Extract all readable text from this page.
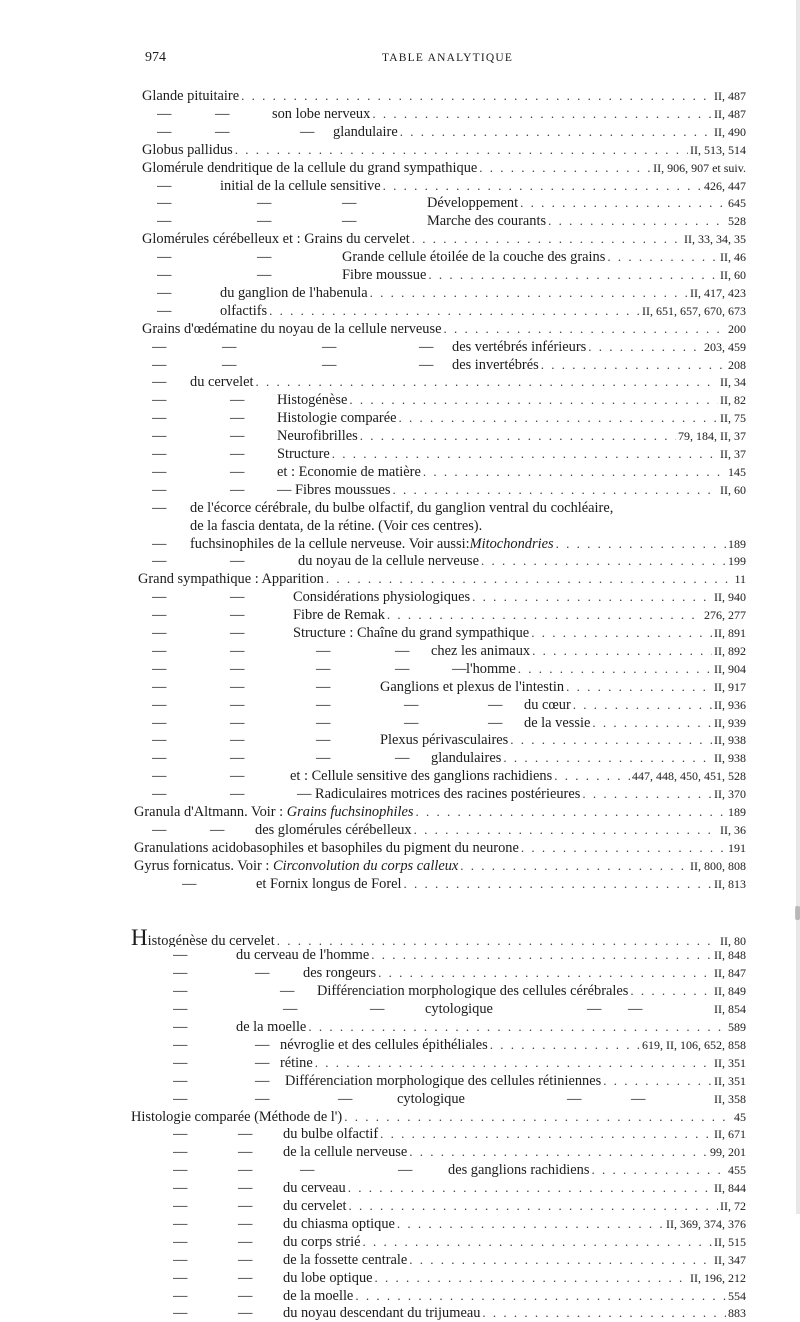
974	TABLE ANALYTIQUE
Glande pituitaire . . .	II, 487
—	—	son lobe nerveux . . .	II, 487
—	—	— glandulaire . . .	II, 490
Globus pallidus . . .	II, 513, 514
Glomérule dendritique de la cellule du grand sympathique . . .	II, 906, 907 et suiv.
—	initial de la cellule sensitive . . .	426, 447
—	—	—	Développement . . .	645
—	—	—	Marche des courants . . .	528
Glomérules cérébelleux et : Grains du cervelet . . .	II, 33, 34, 35
—	—	Grande cellule étoilée de la couche des grains . . .	II, 46
—	—	Fibre moussue . . .	II, 60
—	du ganglion de l'habenula . . .	II, 417, 423
—	olfactifs . . .	II, 651, 657, 670, 673
Grains d'œdématine du noyau de la cellule nerveuse . . .	200
—	—	—	— des vertébrés inférieurs . . .	203, 459
—	—	—	— des invertébrés . . .	208
— du cervelet . . .	II, 34
—	— Histogénèse . . .	II, 82
—	— Histologie comparée . . .	II, 75
—	— Neurofibrilles . . .	79, 184, II, 37
—	— Structure . . .	II, 37
—	— et : Economie de matière . . .	145
—	— — Fibres moussues . . .	II, 60
— de l'écorce cérébrale, du bulbe olfactif, du ganglion ventral du cochléaire,
de la fascia dentata, de la rétine. (Voir ces centres).
— fuchsinophiles de la cellule nerveuse. Voir aussi:Mitochondries . . .	189
—	—	du noyau de la cellule nerveuse . . .	199
Grand sympathique : Apparition . . .	11
—	—	Considérations physiologiques . . .	II, 940
—	—	Fibre de Remak . . .	276, 277
—	—	Structure : Chaîne du grand sympathique . . .	II, 891
—	—	—	— chez les animaux . . .	II, 892
—	—	—	—	—l'homme . . .	II, 904
—	—	—	Ganglions et plexus de l'intestin . . .	II, 917
—	—	—	—	— du cœur . . .	II, 936
—	—	—	—	— de la vessie . . .	II, 939
—	—	—	Plexus périvasculaires . . .	II, 938
—	—	—	— glandulaires . . .	II, 938
—	—	et : Cellule sensitive des ganglions rachidiens . . .	447, 448, 450, 451, 528
—	—	— Radiculaires motrices des racines postérieures . . .	II, 370
Granula d'Altmann. Voir : Grains fuchsinophiles . . .	189
—	— des glomérules cérébelleux . . .	II, 36
Granulations acidobasophiles et basophiles du pigment du neurone . . .	191
Gyrus fornicatus. Voir : Circonvolution du corps calleux . . .	II, 800, 808
—	et Fornix longus de Forel . . .	II, 813
Histogénèse du cervelet . . .	II, 80
—	du cerveau de l'homme . . .	II, 848
—	— des rongeurs . . .	II, 847
—	— Différenciation morphologique des cellules cérébrales . . .	II, 849
—	—	—	cytologique	— —	II, 854
—	de la moelle . . .	589
—	— névroglie et des cellules épithéliales . . .	619, II, 106, 652, 858
—	— rétine . . .	II, 351
—	— Différenciation morphologique des cellules rétiniennes . . .	II, 351
—	—	—	cytologique	—	—	II, 358
Histologie comparée (Méthode de l') . . .	45
—	— du bulbe olfactif . . .	II, 671
—	— de la cellule nerveuse . . .	99, 201
—	—	—	— des ganglions rachidiens . . .	455
—	— du cerveau . . .	II, 844
—	— du cervelet . . .	II, 72
—	— du chiasma optique . . .	II, 369, 374, 376
—	— du corps strié . . .	II, 515
—	— de la fossette centrale . . .	II, 347
—	— du lobe optique . . .	II, 196, 212
—	— de la moelle . . .	554
—	— du noyau descendant du trijumeau . . .	883
